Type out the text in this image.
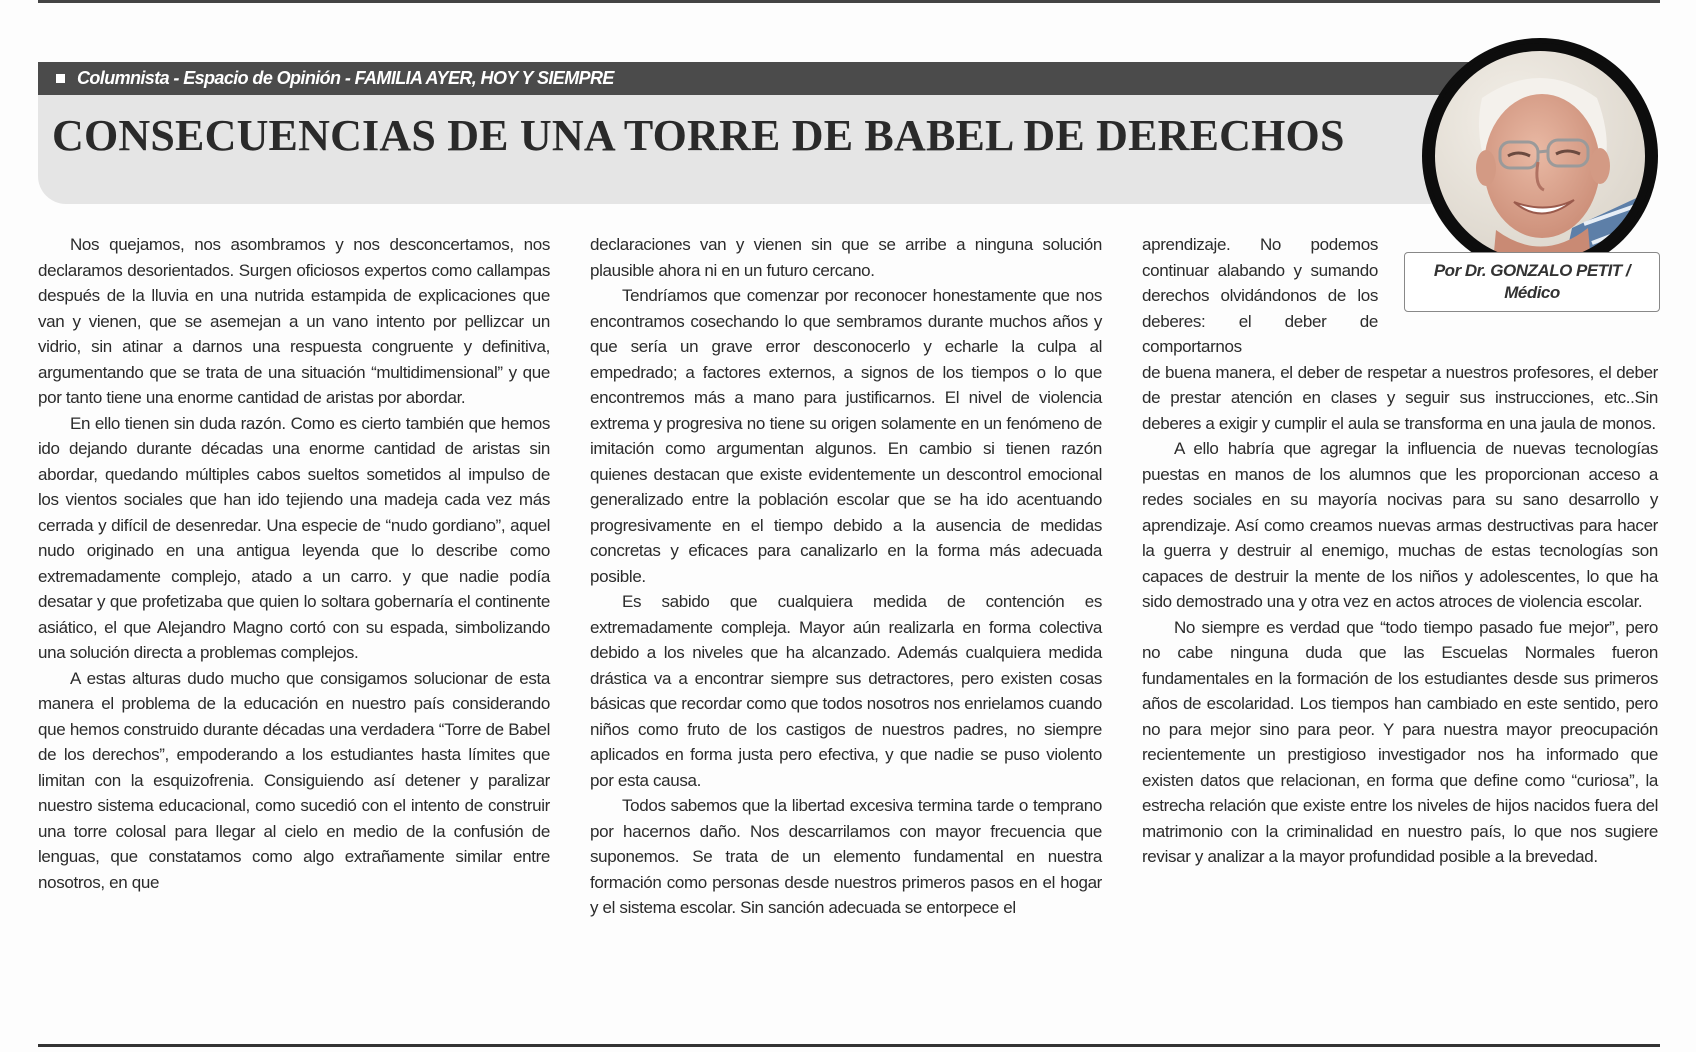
Columnista - Espacio de Opinión - FAMILIA AYER, HOY Y SIEMPRE
CONSECUENCIAS DE UNA TORRE DE BABEL DE DERECHOS
Por Dr. GONZALO PETIT /
Médico

Nos quejamos, nos asombramos y nos desconcertamos, nos declaramos desorientados. Surgen oficiosos expertos como callampas después de la lluvia en una nutrida estampida de explicaciones que van y vienen, que se asemejan a un vano intento por pellizcar un vidrio, sin atinar a darnos una respuesta congruente y definitiva, argumentando que se trata de una situación “multidimensional” y que por tanto tiene una enorme cantidad de aristas por abordar.

En ello tienen sin duda razón. Como es cierto también que hemos ido dejando durante décadas una enorme cantidad de aristas sin abordar, quedando múltiples cabos sueltos sometidos al impulso de los vientos sociales que han ido tejiendo una madeja cada vez más cerrada y difícil de desenredar. Una especie de “nudo gordiano”, aquel nudo originado en una antigua leyenda que lo describe como extremadamente complejo, atado a un carro. y que nadie podía desatar y que profetizaba que quien lo soltara gobernaría el continente asiático, el que Alejandro Magno cortó con su espada, simbolizando una solución directa a problemas complejos.

A estas alturas dudo mucho que consigamos solucionar de esta manera el problema de la educación en nuestro país considerando que hemos construido durante décadas una verdadera “Torre de Babel de los derechos”, empoderando a los estudiantes hasta límites que limitan con la esquizofrenia. Consiguiendo así detener y paralizar nuestro sistema educacional, como sucedió con el intento de construir una torre colosal para llegar al cielo en medio de la confusión de lenguas, que constatamos como algo extrañamente similar entre nosotros, en que

declaraciones van y vienen sin que se arribe a ninguna solución plausible ahora ni en un futuro cercano.

Tendríamos que comenzar por reconocer honestamente que nos encontramos cosechando lo que sembramos durante muchos años y que sería un grave error desconocerlo y echarle la culpa al empedrado; a factores externos, a signos de los tiempos o lo que encontremos más a mano para justificarnos. El nivel de violencia extrema y progresiva no tiene su origen solamente en un fenómeno de imitación como argumentan algunos. En cambio si tienen razón quienes destacan que existe evidentemente un descontrol emocional generalizado entre la población escolar que se ha ido acentuando progresivamente en el tiempo debido a la ausencia de medidas concretas y eficaces para canalizarlo en la forma más adecuada posible.

Es sabido que cualquiera medida de contención es extremadamente compleja. Mayor aún realizarla en forma colectiva debido a los niveles que ha alcanzado. Además cualquiera medida drástica va a encontrar siempre sus detractores, pero existen cosas básicas que recordar como que todos nosotros nos enrielamos cuando niños como fruto de los castigos de nuestros padres, no siempre aplicados en forma justa pero efectiva, y que nadie se puso violento por esta causa.

Todos sabemos que la libertad excesiva termina tarde o temprano por hacernos daño. Nos descarrilamos con mayor frecuencia que suponemos. Se trata de un elemento fundamental en nuestra formación como personas desde nuestros primeros pasos en el hogar y el sistema escolar. Sin sanción adecuada se entorpece el

aprendizaje. No podemos continuar alabando y sumando derechos olvidándonos de los deberes: el deber de comportarnos

de buena manera, el deber de respetar a nuestros profesores, el deber de prestar atención en clases y seguir sus instrucciones, etc..Sin deberes a exigir y cumplir el aula se transforma en una jaula de monos.

A ello habría que agregar la influencia de nuevas tecnologías puestas en manos de los alumnos que les proporcionan acceso a redes sociales en su mayoría nocivas para su sano desarrollo y aprendizaje. Así como creamos nuevas armas destructivas para hacer la guerra y destruir al enemigo, muchas de estas tecnologías son capaces de destruir la mente de los niños y adolescentes, lo que ha sido demostrado una y otra vez en actos atroces de violencia escolar.

No siempre es verdad que “todo tiempo pasado fue mejor”, pero no cabe ninguna duda que las Escuelas Normales fueron fundamentales en la formación de los estudiantes desde sus primeros años de escolaridad. Los tiempos han cambiado en este sentido, pero no para mejor sino para peor. Y para nuestra mayor preocupación recientemente un prestigioso investigador nos ha informado que existen datos que relacionan, en forma que define como “curiosa”, la estrecha relación que existe entre los niveles de hijos nacidos fuera del matrimonio con la criminalidad en nuestro país, lo que nos sugiere revisar y analizar a la mayor profundidad posible a la brevedad.
